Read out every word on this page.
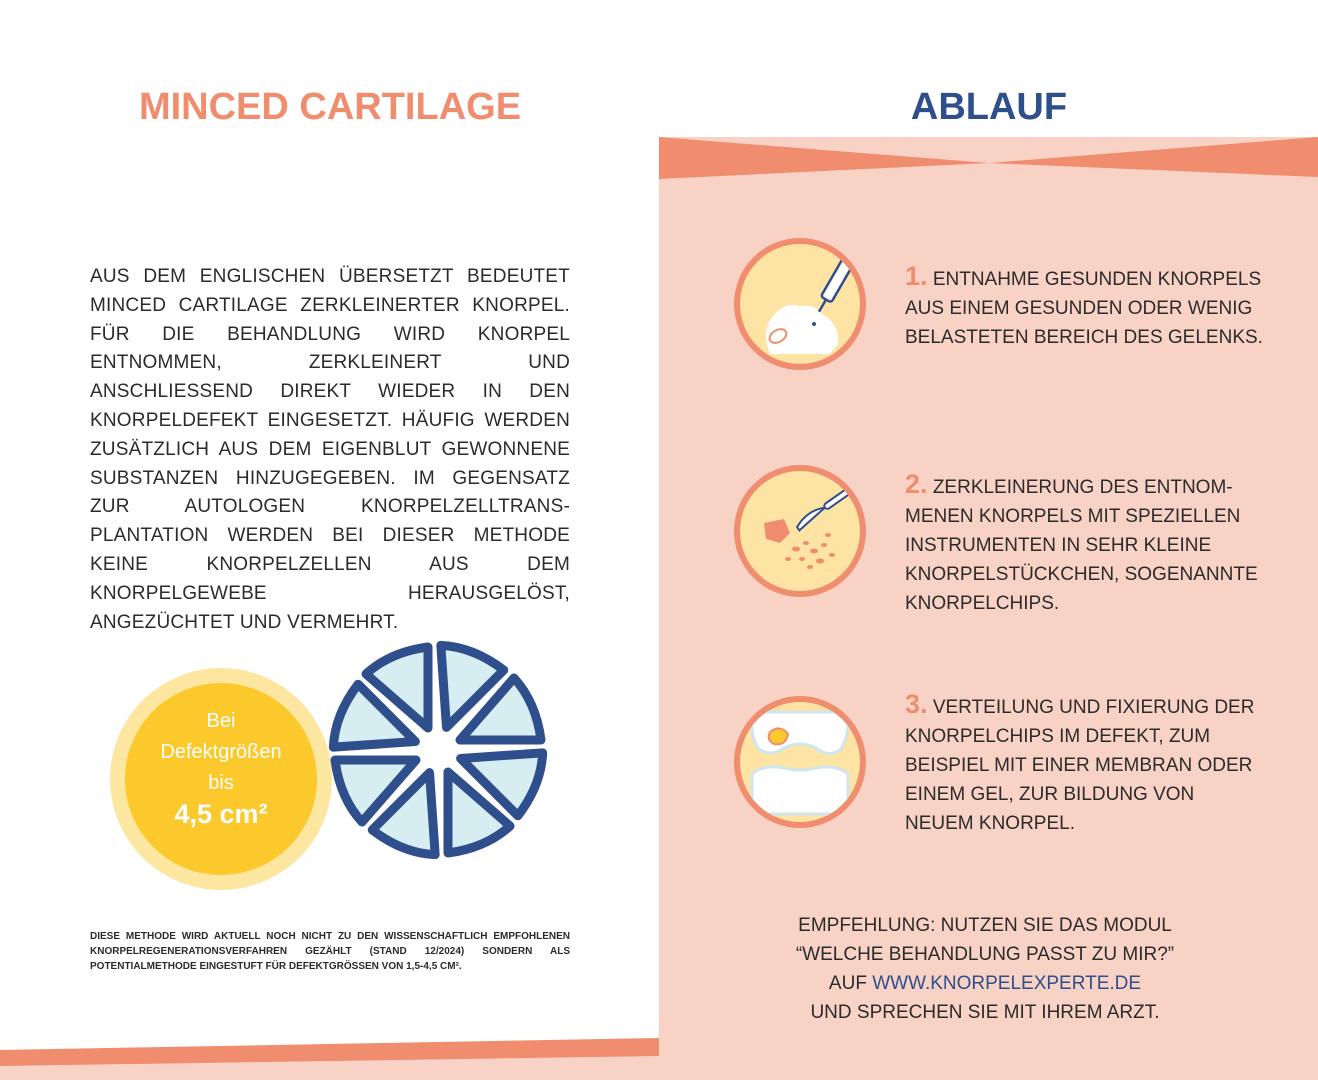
MINCED CARTILAGE	ABLAUF
AUS DEM ENGLISCHEN ÜBERSETZT BEDEUTET MINCED CARTILAGE ZERKLEINERTER KNORPEL. FÜR DIE BEHANDLUNG WIRD KNORPEL ENTNOMMEN, ZERKLEINERT UND ANSCHLIESSEND DIREKT WIEDER IN DEN KNORPELDEFEKT EINGESETZT. HÄUFIG WERDEN ZUSÄTZLICH AUS DEM EIGENBLUT GEWONNENE SUBSTANZEN HINZUGEGEBEN. IM GEGENSATZ ZUR AUTOLOGEN KNORPELZELLTRANS- PLANTATION WERDEN BEI DIESER METHODE KEINE KNORPELZELLEN AUS DEM KNORPELGEWEBE HERAUSGELÖST, ANGEZÜCHTET UND VERMEHRT.
Bei
Defektgrößen
bis
4,5 cm²
DIESE METHODE WIRD AKTUELL NOCH NICHT ZU DEN WISSENSCHAFTLICH EMPFOHLENEN KNORPELREGENERATIONSVERFAHREN GEZÄHLT (STAND 12/2024) SONDERN ALS POTENTIALMETHODE EINGESTUFT FÜR DEFEKTGRÖSSEN VON 1,5-4,5 CM².
1. ENTNAHME GESUNDEN KNORPELS AUS EINEM GESUNDEN ODER WENIG BELASTETEN BEREICH DES GELENKS.
2. ZERKLEINERUNG DES ENTNOM- MENEN KNORPELS MIT SPEZIELLEN INSTRUMENTEN IN SEHR KLEINE KNORPELSTÜCKCHEN, SOGENANNTE KNORPELCHIPS.
3. VERTEILUNG UND FIXIERUNG DER KNORPELCHIPS IM DEFEKT, ZUM BEISPIEL MIT EINER MEMBRAN ODER EINEM GEL, ZUR BILDUNG VON NEUEM KNORPEL.
EMPFEHLUNG: NUTZEN SIE DAS MODUL
“WELCHE BEHANDLUNG PASST ZU MIR?”
AUF WWW.KNORPELEXPERTE.DE
UND SPRECHEN SIE MIT IHREM ARZT.
